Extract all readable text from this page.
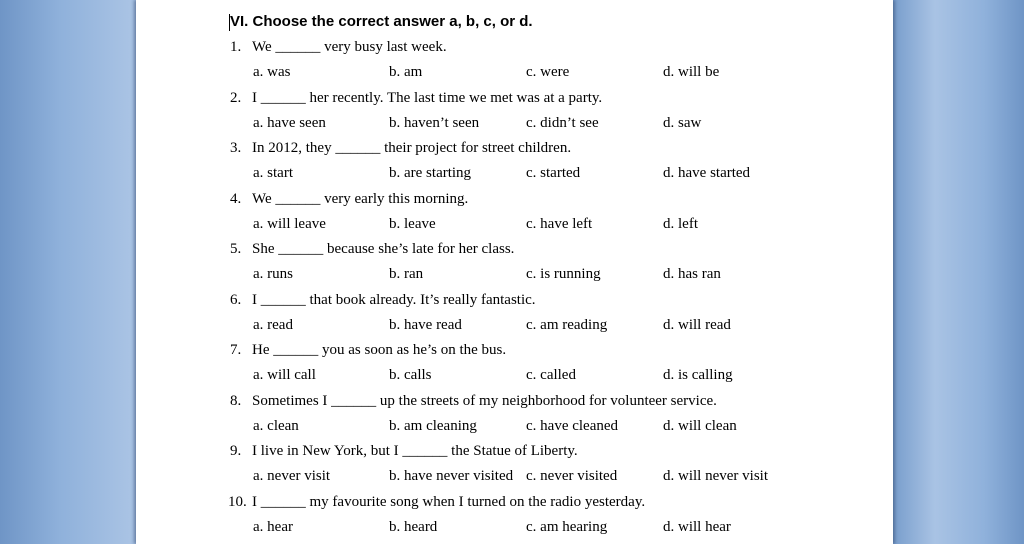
VI. Choose the correct answer a, b, c, or d.
1. We ______ very busy last week.
a. was	b. am	c. were	d. will be
2. I ______ her recently. The last time we met was at a party.
a. have seen	b. haven’t seen	c. didn’t see	d. saw
3. In 2012, they ______ their project for street children.
a. start	b. are starting	c. started	d. have started
4. We ______ very early this morning.
a. will leave	b. leave	c. have left	d. left
5. She ______ because she’s late for her class.
a. runs	b. ran	c. is running	d. has ran
6. I ______ that book already. It’s really fantastic.
a. read	b. have read	c. am reading	d. will read
7. He ______ you as soon as he’s on the bus.
a. will call	b. calls	c. called	d. is calling
8. Sometimes I ______ up the streets of my neighborhood for volunteer service.
a. clean	b. am cleaning	c. have cleaned	d. will clean
9. I live in New York, but I ______ the Statue of Liberty.
a. never visit	b. have never visited c. never visited	d. will never visit
10. I ______ my favourite song when I turned on the radio yesterday.
a. hear	b. heard	c. am hearing	d. will hear
